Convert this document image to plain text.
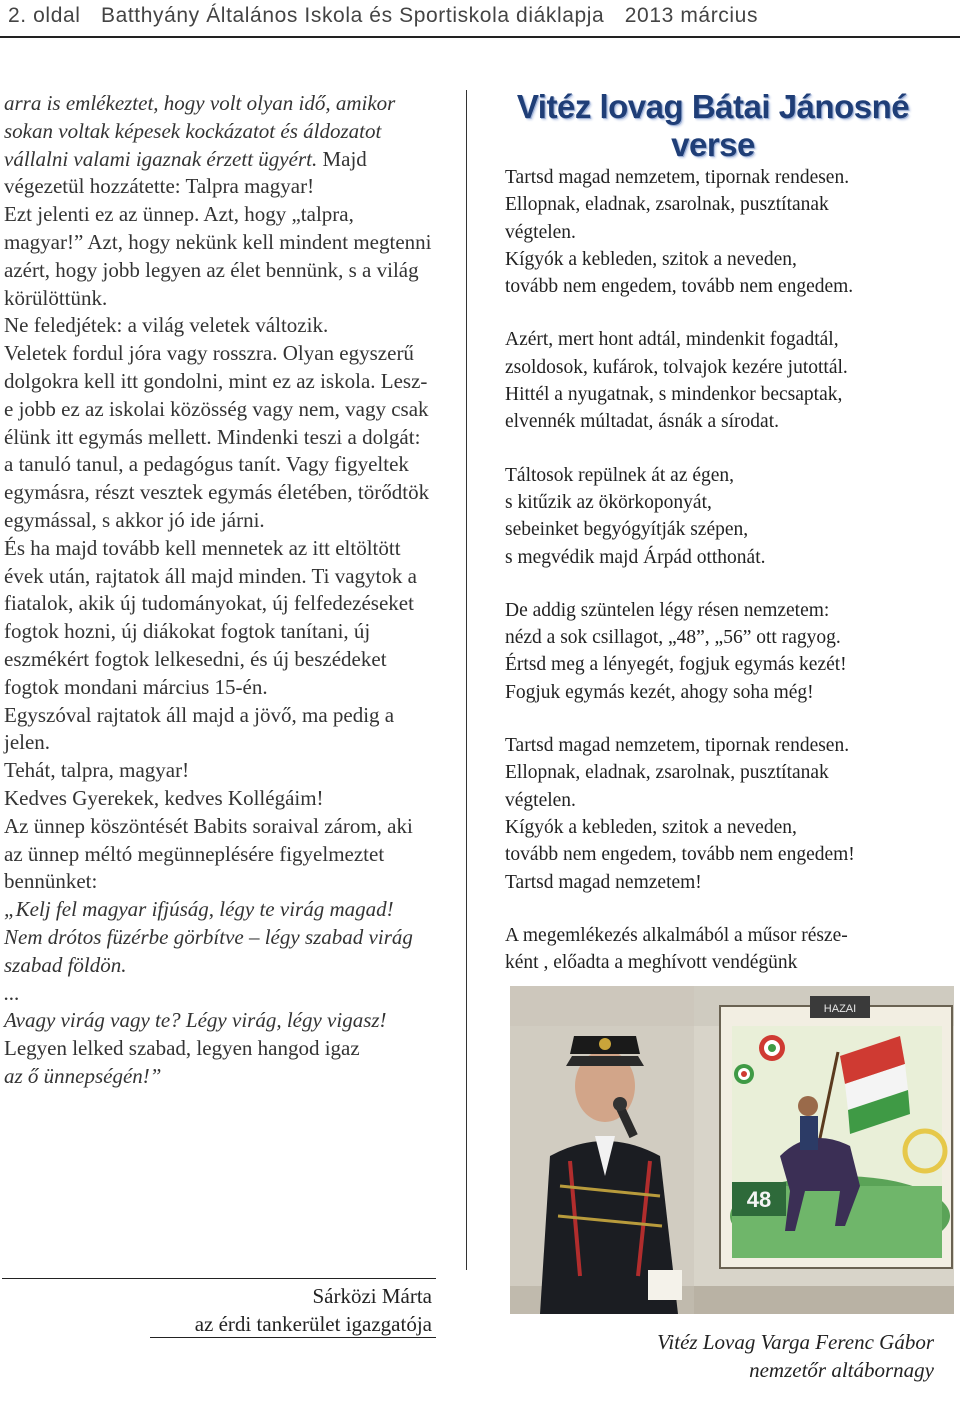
2. oldal Batthyány Általános Iskola és Sportiskola diáklapja 2013 március

arra is emlékeztet, hogy volt olyan idő, amikor sokan voltak képesek kockázatot és áldozatot vállalni valami igaznak érzett ügyért. Majd végezetül hozzátette: Talpra magyar!

Ezt jelenti ez az ünnep. Azt, hogy „talpra, magyar!” Azt, hogy nekünk kell mindent megtenni azért, hogy jobb legyen az élet bennünk, s a világ körülöttünk.

Ne feledjétek: a világ veletek változik.

Veletek fordul jóra vagy rosszra. Olyan egyszerű dolgokra kell itt gondolni, mint ez az iskola. Lesz-e jobb ez az iskolai közösség vagy nem, vagy csak élünk itt egymás mellett. Mindenki teszi a dolgát: a tanuló tanul, a pedagógus tanít. Vagy figyeltek egymásra, részt vesztek egymás életében, törődtök egymással, s akkor jó ide járni.

És ha majd tovább kell mennetek az itt eltöltött évek után, rajtatok áll majd minden. Ti vagytok a fiatalok, akik új tudományokat, új felfedezéseket fogtok hozni, új diákokat fogtok tanítani, új eszmékért fogtok lelkesedni, és új beszédeket fogtok mondani március 15-én.

Egyszóval rajtatok áll majd a jövő, ma pedig a jelen.

Tehát, talpra, magyar!

Kedves Gyerekek, kedves Kollégáim!

Az ünnep köszöntését Babits soraival zárom, aki az ünnep méltó megünneplésére figyelmeztet bennünket:

„Kelj fel magyar ifjúság, légy te virág magad! Nem drótos füzérbe görbítve – légy szabad virág szabad földön.

...

Avagy virág vagy te? Légy virág, légy vigasz!

Legyen lelked szabad, legyen hangod igaz

az ő ünnepségén!”

Sárközi Márta
az érdi tankerület igazgatója
Vitéz lovag Bátai Jánosné verse
Tartsd magad nemzetem, tipornak rendesen.
Ellopnak, eladnak, zsarolnak, pusztítanak
végtelen.
Kígyók a kebleden, szitok a neveden,
tovább nem engedem, tovább nem engedem.
Azért, mert hont adtál, mindenkit fogadtál,
zsoldosok, kufárok, tolvajok kezére jutottál.
Hittél a nyugatnak, s mindenkor becsaptak,
elvennék múltadat, ásnák a sírodat.
Táltosok repülnek át az égen,
s kitűzik az ökörkoponyát,
sebeinket begyógyítják szépen,
s megvédik majd Árpád otthonát.
De addig szüntelen légy résen nemzetem:
nézd a sok csillagot, „48”, „56” ott ragyog.
Értsd meg a lényegét, fogjuk egymás kezét!
Fogjuk egymás kezét, ahogy soha még!
Tartsd magad nemzetem, tipornak rendesen.
Ellopnak, eladnak, zsarolnak, pusztítanak
végtelen.
Kígyók a kebleden, szitok a neveden,
tovább nem engedem, tovább nem engedem!
Tartsd magad nemzetem!
A megemlékezés alkalmából a műsor része-
ként , előadta a meghívott vendégünk
HAZAI
48
Vitéz Lovag Varga Ferenc Gábor
nemzetőr altábornagy
